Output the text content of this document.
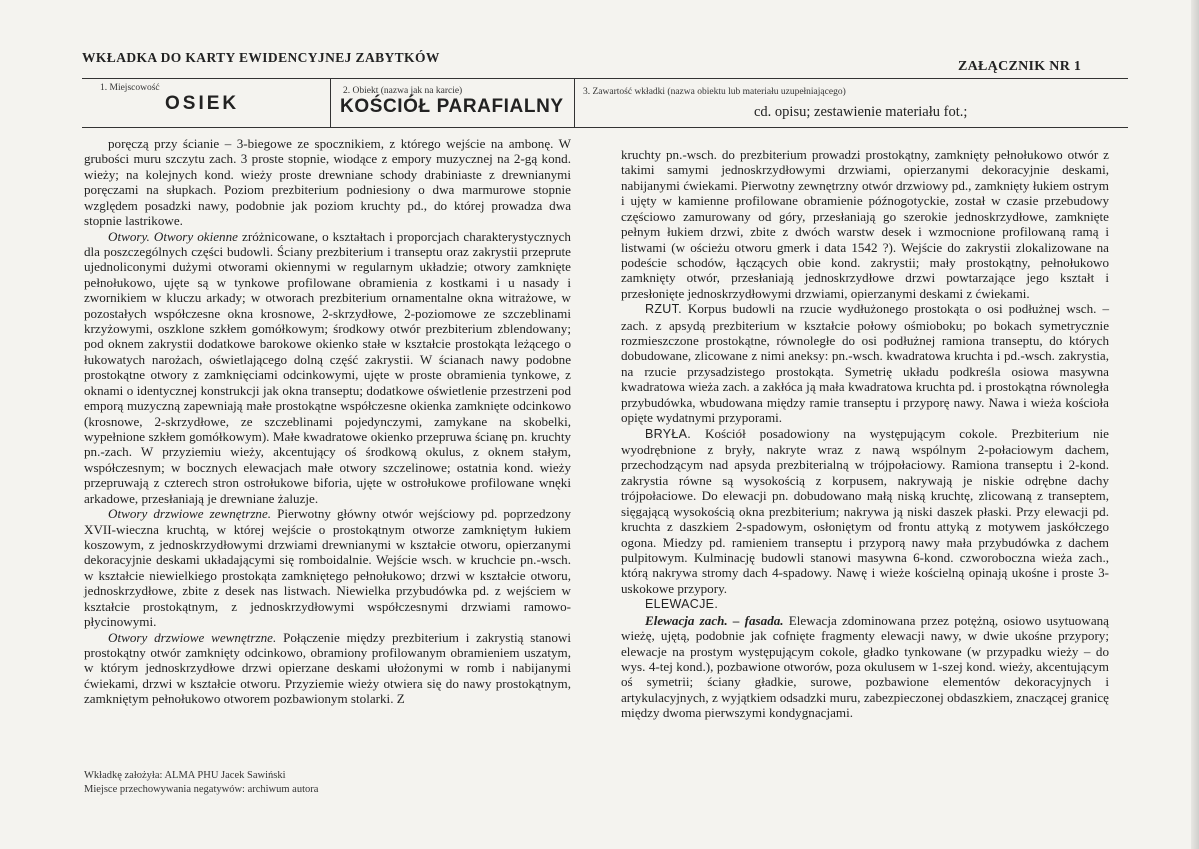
WKŁADKA DO KARTY EWIDENCYJNEJ ZABYTKÓW
ZAŁĄCZNIK NR 1
1. Miejscowość
OSIEK
2. Obiekt (nazwa jak na karcie)
KOŚCIÓŁ PARAFIALNY
3. Zawartość wkładki (nazwa obiektu lub materiału uzupełniającego)
cd. opisu; zestawienie materiału fot.;

poręczą przy ścianie – 3-biegowe ze spocznikiem, z którego wejście na ambonę. W grubości muru szczytu zach. 3 proste stopnie, wiodące z empory muzycznej na 2-gą kond. wieży; na kolejnych kond. wieży proste drewniane schody drabiniaste z drewnianymi poręczami na słupkach. Poziom prezbiterium podniesiony o dwa marmurowe stopnie względem posadzki nawy, podobnie jak poziom kruchty pd., do której prowadza dwa stopnie lastrikowe.

Otwory. Otwory okienne zróżnicowane, o kształtach i proporcjach charakterystycznych dla poszczególnych części budowli. Ściany prezbiterium i transeptu oraz zakrystii przeprute ujednoliconymi dużymi otworami okiennymi w regularnym układzie; otwory zamknięte pełnołukowo, ujęte są w tynkowe profilowane obramienia z kostkami i u nasady i zwornikiem w kluczu arkady; w otworach prezbiterium ornamentalne okna witrażowe, w pozostałych współczesne okna krosnowe, 2-skrzydłowe, 2-poziomowe ze szczeblinami krzyżowymi, oszklone szkłem gomółkowym; środkowy otwór prezbiterium zblendowany; pod oknem zakrystii dodatkowe barokowe okienko stałe w kształcie prostokąta leżącego o łukowatych narożach, oświetlającego dolną część zakrystii. W ścianach nawy podobne prostokątne otwory z zamknięciami odcinkowymi, ujęte w proste obramienia tynkowe, z oknami o identycznej konstrukcji jak okna transeptu; dodatkowe oświetlenie przestrzeni pod emporą muzyczną zapewniają małe prostokątne współczesne okienka zamknięte odcinkowo (krosnowe, 2-skrzydłowe, ze szczeblinami pojedynczymi, zamykane na skobelki, wypełnione szkłem gomółkowym). Małe kwadratowe okienko przepruwa ścianę pn. kruchty pn.-zach. W przyziemiu wieży, akcentujący oś środkową okulus, z oknem stałym, współczesnym; w bocznych elewacjach małe otwory szczelinowe; ostatnia kond. wieży przepruwają z czterech stron ostrołukowe biforia, ujęte w ostrołukowe profilowane wnęki arkadowe, przesłaniają je drewniane żaluzje.

Otwory drzwiowe zewnętrzne. Pierwotny główny otwór wejściowy pd. poprzedzony XVII-wieczna kruchtą, w której wejście o prostokątnym otworze zamkniętym łukiem koszowym, z jednoskrzydłowymi drzwiami drewnianymi w kształcie otworu, opierzanymi dekoracyjnie deskami układającymi się romboidalnie. Wejście wsch. w kruchcie pn.-wsch. w kształcie niewielkiego prostokąta zamkniętego pełnołukowo; drzwi w kształcie otworu, jednoskrzydłowe, zbite z desek nas listwach. Niewielka przybudówka pd. z wejściem w kształcie prostokątnym, z jednoskrzydłowymi współczesnymi drzwiami ramowo-płycinowymi.

Otwory drzwiowe wewnętrzne. Połączenie między prezbiterium i zakrystią stanowi prostokątny otwór zamknięty odcinkowo, obramiony profilowanym obramieniem uszatym, w którym jednoskrzydłowe drzwi opierzane deskami ułożonymi w romb i nabijanymi ćwiekami, drzwi w kształcie otworu. Przyziemie wieży otwiera się do nawy prostokątnym, zamkniętym pełnołukowo otworem pozbawionym stolarki. Z

kruchty pn.-wsch. do prezbiterium prowadzi prostokątny, zamknięty pełnołukowo otwór z takimi samymi jednoskrzydłowymi drzwiami, opierzanymi dekoracyjnie deskami, nabijanymi ćwiekami. Pierwotny zewnętrzny otwór drzwiowy pd., zamknięty łukiem ostrym i ujęty w kamienne profilowane obramienie późnogotyckie, został w czasie przebudowy częściowo zamurowany od góry, przesłaniają go szerokie jednoskrzydłowe, zamknięte pełnym łukiem drzwi, zbite z dwóch warstw desek i wzmocnione profilowaną ramą i listwami (w ościeżu otworu gmerk i data 1542 ?). Wejście do zakrystii zlokalizowane na podeście schodów, łączących obie kond. zakrystii; mały prostokątny, pełnołukowo zamknięty otwór, przesłaniają jednoskrzydłowe drzwi powtarzające jego kształt i przesłonięte jednoskrzydłowymi drzwiami, opierzanymi deskami z ćwiekami.

RZUT. Korpus budowli na rzucie wydłużonego prostokąta o osi podłużnej wsch. – zach. z apsydą prezbiterium w kształcie połowy ośmioboku; po bokach symetrycznie rozmieszczone prostokątne, równoległe do osi podłużnej ramiona transeptu, do których dobudowane, zlicowane z nimi aneksy: pn.-wsch. kwadratowa kruchta i pd.-wsch. zakrystia, na rzucie przysadzistego prostokąta. Symetrię układu podkreśla osiowa masywna kwadratowa wieża zach. a zakłóca ją mała kwadratowa kruchta pd. i prostokątna równoległa przybudówka, wbudowana między ramie transeptu i przyporę nawy. Nawa i wieża kościoła opięte wydatnymi przyporami.

BRYŁA. Kościół posadowiony na występującym cokole. Prezbiterium nie wyodrębnione z bryły, nakryte wraz z nawą wspólnym 2-połaciowym dachem, przechodzącym nad apsyda prezbiterialną w trójpołaciowy. Ramiona transeptu i 2-kond. zakrystia równe są wysokością z korpusem, nakrywają je niskie odrębne dachy trójpołaciowe. Do elewacji pn. dobudowano małą niską kruchtę, zlicowaną z transeptem, sięgającą wysokością okna prezbiterium; nakrywa ją niski daszek płaski. Przy elewacji pd. kruchta z daszkiem 2-spadowym, osłoniętym od frontu attyką z motywem jaskółczego ogona. Miedzy pd. ramieniem transeptu i przyporą nawy mała przybudówka z dachem pulpitowym. Kulminację budowli stanowi masywna 6-kond. czworoboczna wieża zach., którą nakrywa stromy dach 4-spadowy. Nawę i wieże kościelną opinają ukośne i proste 3-uskokowe przypory.

ELEWACJE.

Elewacja zach. – fasada. Elewacja zdominowana przez potężną, osiowo usytuowaną wieżę, ujętą, podobnie jak cofnięte fragmenty elewacji nawy, w dwie ukośne przypory; elewacje na prostym występującym cokole, gładko tynkowane (w przypadku wieży – do wys. 4-tej kond.), pozbawione otworów, poza okulusem w 1-szej kond. wieży, akcentującym oś symetrii; ściany gładkie, surowe, pozbawione elementów dekoracyjnych i artykulacyjnych, z wyjątkiem odsadzki muru, zabezpieczonej obdaszkiem, znaczącej granicę między dwoma pierwszymi kondygnacjami.

Wkładkę założyła: ALMA PHU Jacek Sawiński
Miejsce przechowywania negatywów: archiwum autora
